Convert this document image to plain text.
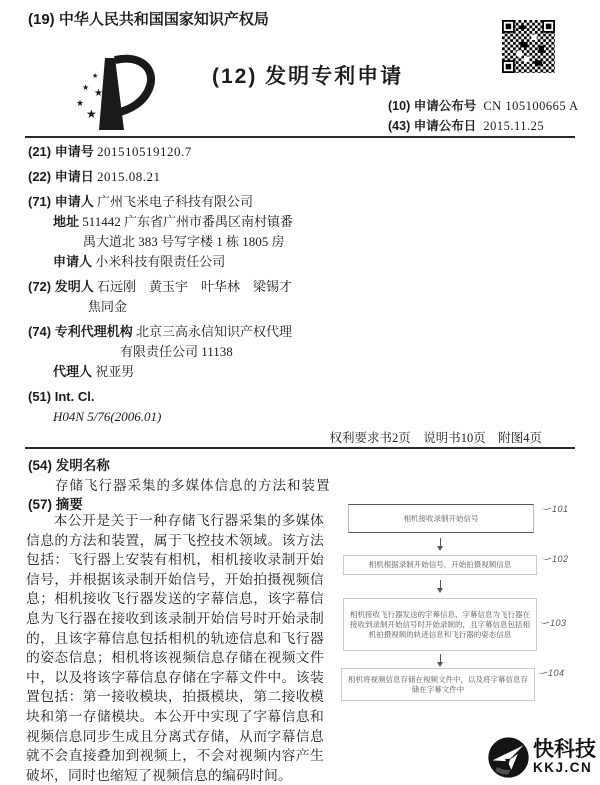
(19) 中华人民共和国国家知识产权局
★
★
★
★
★
(12) 发明专利申请
(10) 申请公布号 CN 105100665 A
(43) 申请公布日 2015.11.25
(21) 申请号 201510519120.7
(22) 申请日 2015.08.21
(71) 申请人 广州飞米电子科技有限公司
地址 511442 广东省广州市番禺区南村镇番
禺大道北 383 号写字楼 1 栋 1805 房
申请人 小米科技有限责任公司
(72) 发明人 石远刚　黄玉宇　叶华林　梁锡才
焦同金
(74) 专利代理机构 北京三高永信知识产权代理
有限责任公司 11138
代理人 祝亚男
(51) Int. Cl.
H04N 5/76(2006.01)
权利要求书2页　说明书10页　附图4页
(54) 发明名称
存储飞行器采集的多媒体信息的方法和装置
(57) 摘要
本公开是关于一种存储飞行器采集的多媒体信息的方法和装置，属于飞控技术领域。该方法包括：飞行器上安装有相机，相机接收录制开始信号，并根据该录制开始信号，开始拍摄视频信息；相机接收飞行器发送的字幕信息，该字幕信息为飞行器在接收到该录制开始信号时开始录制的，且该字幕信息包括相机的轨迹信息和飞行器的姿态信息；相机将该视频信息存储在视频文件中，以及将该字幕信息存储在字幕文件中。该装置包括：第一接收模块，拍摄模块，第二接收模块和第一存储模块。本公开中实现了字幕信息和视频信息同步生成且分离式存储，从而字幕信息就不会直接叠加到视频上，不会对视频内容产生破坏，同时也缩短了视频信息的编码时间。
相机接收录制开始信号
101
相机根据录制开始信号，开始拍摄视频信息
102
相机接收飞行器发送的字幕信息，字幕信息为飞行器在接收到录制开始信号时开始录制的，且字幕信息包括相机拍摄视频的轨迹信息和飞行器的姿态信息
103
相机将视频信息存储在视频文件中，以及将字幕信息存储在字幕文件中
104
快科技
KKJ.CN
